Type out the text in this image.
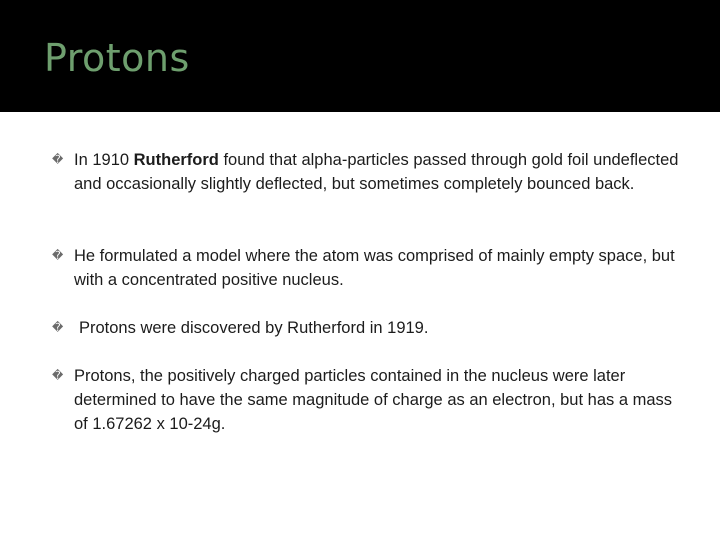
Protons
� In 1910 Rutherford found that alpha-particles passed through gold foil undeflected and occasionally slightly deflected, but sometimes completely bounced back.
� He formulated a model where the atom was comprised of mainly empty space, but with a concentrated positive nucleus.
� Protons were discovered by Rutherford in 1919.
� Protons, the positively charged particles contained in the nucleus were later determined to have the same magnitude of charge as an electron, but has a mass of 1.67262 x 10-24g.
